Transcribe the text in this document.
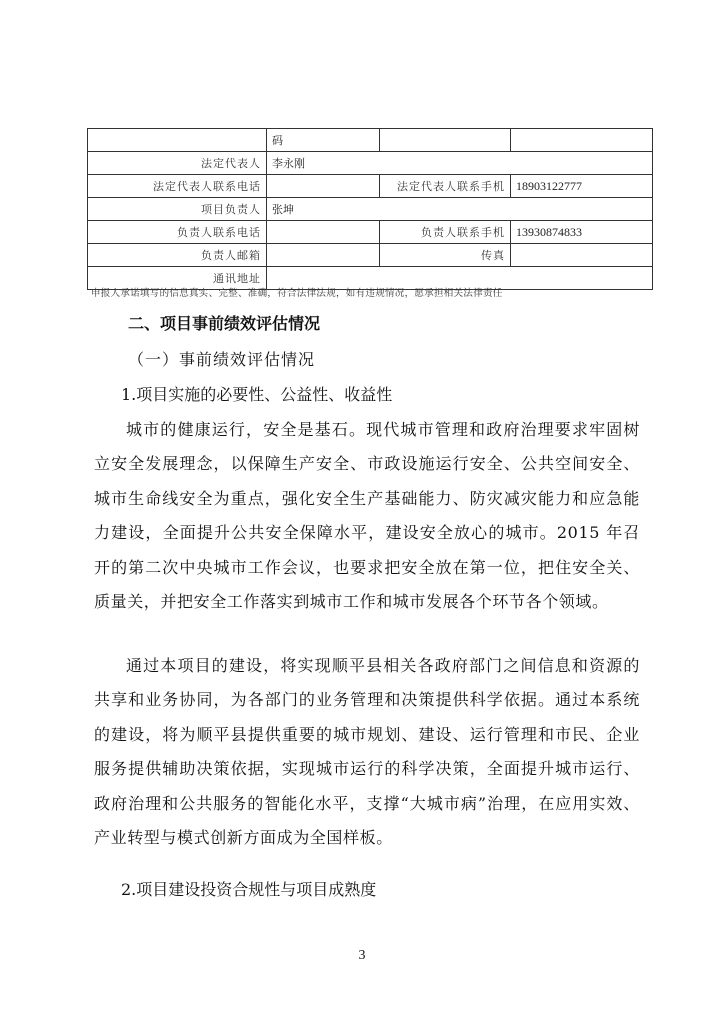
	码		
法定代表人	李永刚		
法定代表人联系电话		法定代表人联系手机	18903122777
项目负责人	张坤		
负责人联系电话		负责人联系手机	13930874833
负责人邮箱		传真	
通讯地址			
申报人承诺填写的信息真实、完整、准确，符合法律法规，如有违规情况，愿承担相关法律责任
二、项目事前绩效评估情况
（一）事前绩效评估情况
1.项目实施的必要性、公益性、收益性
城市的健康运行，安全是基石。现代城市管理和政府治理要求牢固树立安全发展理念，以保障生产安全、市政设施运行安全、公共空间安全、城市生命线安全为重点，强化安全生产基础能力、防灾减灾能力和应急能力建设，全面提升公共安全保障水平，建设安全放心的城市。2015 年召开的第二次中央城市工作会议，也要求把安全放在第一位，把住安全关、质量关，并把安全工作落实到城市工作和城市发展各个环节各个领域。
通过本项目的建设，将实现顺平县相关各政府部门之间信息和资源的共享和业务协同，为各部门的业务管理和决策提供科学依据。通过本系统的建设，将为顺平县提供重要的城市规划、建设、运行管理和市民、企业服务提供辅助决策依据，实现城市运行的科学决策，全面提升城市运行、政府治理和公共服务的智能化水平，支撑“大城市病”治理，在应用实效、产业转型与模式创新方面成为全国样板。
2.项目建设投资合规性与项目成熟度
3
